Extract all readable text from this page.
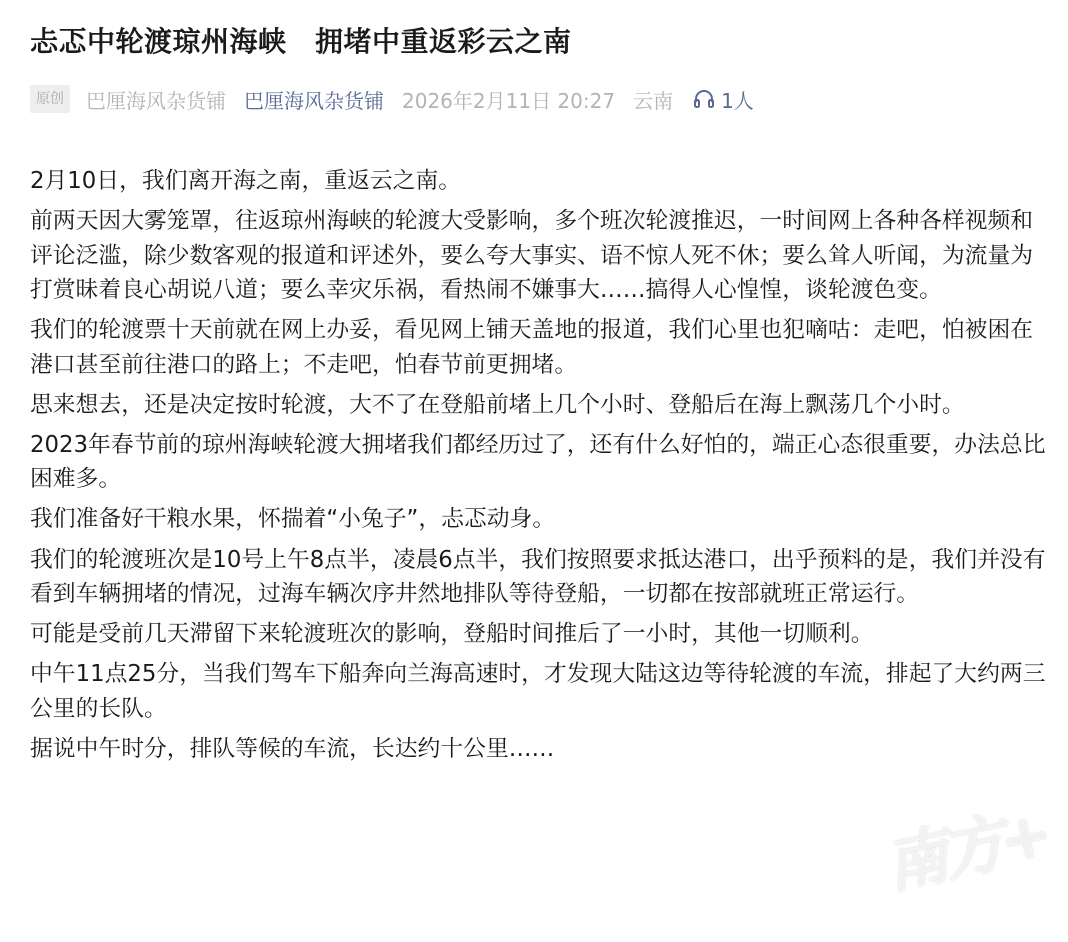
忐忑中轮渡琼州海峡　拥堵中重返彩云之南
原创	巴厘海风杂货铺 巴厘海风杂货铺 2026年2月11日 20:27 云南 1人

2月10日，我们离开海之南，重返云之南。

前两天因大雾笼罩，往返琼州海峡的轮渡大受影响，多个班次轮渡推迟，一时间网上各种各样视频和评论泛滥，除少数客观的报道和评述外，要么夸大事实、语不惊人死不休；要么耸人听闻，为流量为打赏昧着良心胡说八道；要么幸灾乐祸，看热闹不嫌事大……搞得人心惶惶，谈轮渡色变。

我们的轮渡票十天前就在网上办妥，看见网上铺天盖地的报道，我们心里也犯嘀咕：走吧，怕被困在港口甚至前往港口的路上；不走吧，怕春节前更拥堵。

思来想去，还是决定按时轮渡，大不了在登船前堵上几个小时、登船后在海上飘荡几个小时。

2023年春节前的琼州海峡轮渡大拥堵我们都经历过了，还有什么好怕的，端正心态很重要，办法总比困难多。

我们准备好干粮水果，怀揣着“小兔子”，忐忑动身。

我们的轮渡班次是10号上午8点半，凌晨6点半，我们按照要求抵达港口，出乎预料的是，我们并没有看到车辆拥堵的情况，过海车辆次序井然地排队等待登船，一切都在按部就班正常运行。

可能是受前几天滞留下来轮渡班次的影响，登船时间推后了一小时，其他一切顺利。

中午11点25分，当我们驾车下船奔向兰海高速时，才发现大陆这边等待轮渡的车流，排起了大约两三公里的长队。

据说中午时分，排队等候的车流，长达约十公里……

南方+
